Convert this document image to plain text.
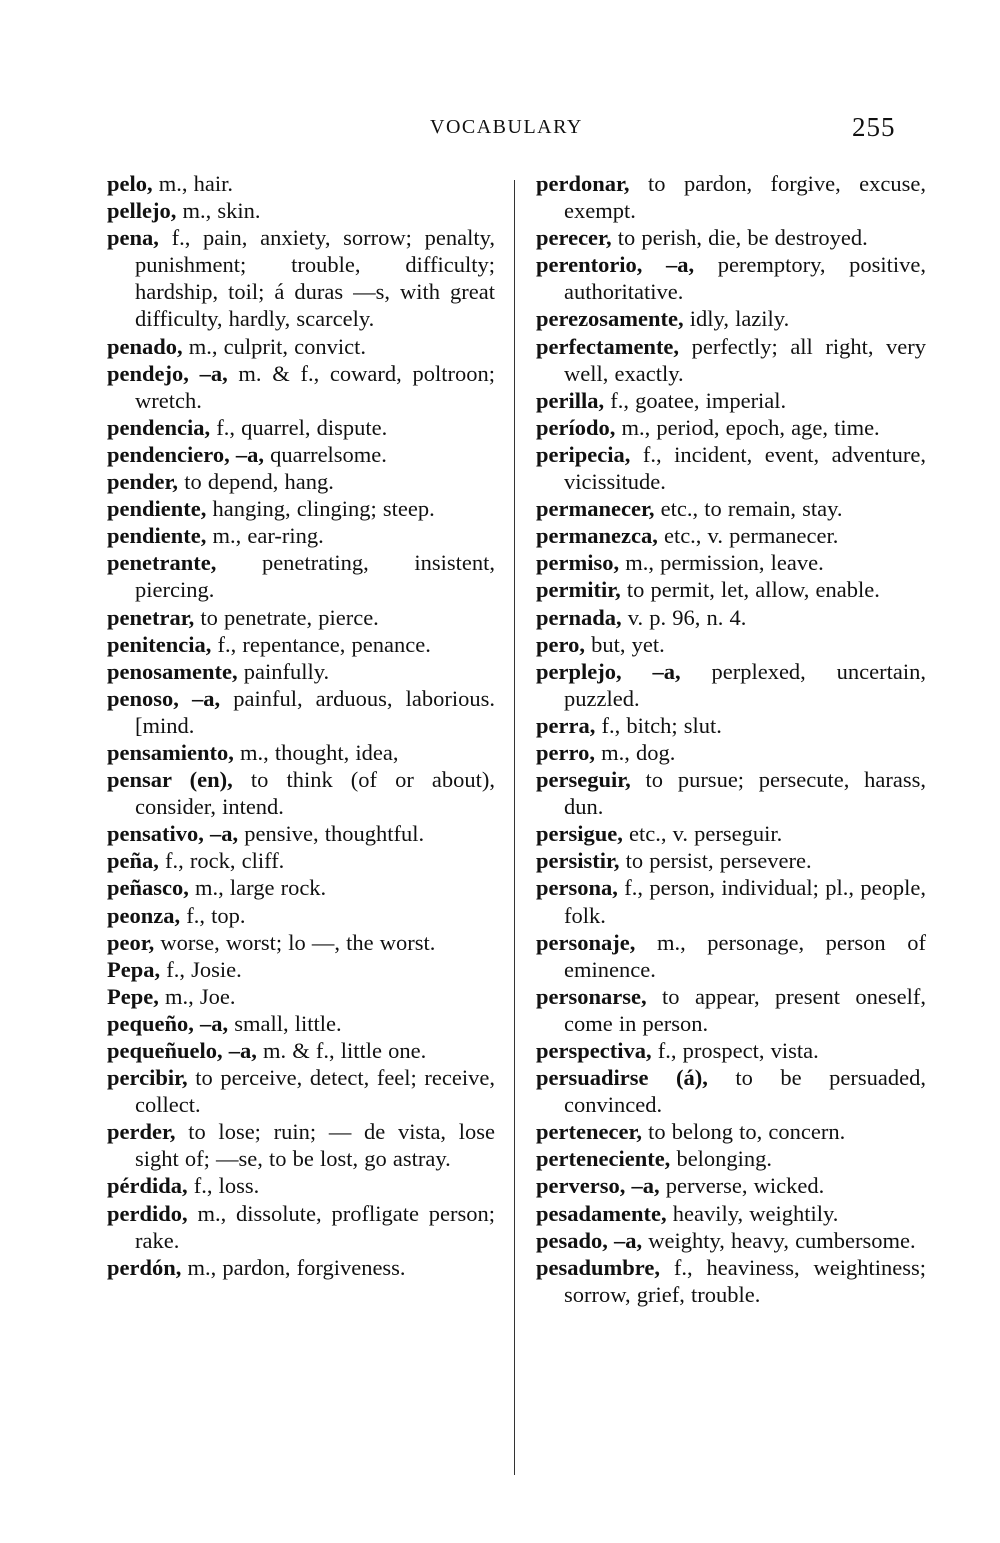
VOCABULARY	255
pelo, m., hair.
pellejo, m., skin.
pena, f., pain, anxiety, sorrow; penalty, punishment; trouble, difficulty; hardship, toil; á duras —s, with great difficulty, hardly, scarcely.
penado, m., culprit, convict.
pendejo, –a, m. & f., coward, poltroon; wretch.
pendencia, f., quarrel, dispute.
pendenciero, –a, quarrelsome.
pender, to depend, hang.
pendiente, hanging, clinging; steep.
pendiente, m., ear-ring.
penetrante, penetrating, insistent, piercing.
penetrar, to penetrate, pierce.
penitencia, f., repentance, penance.
penosamente, painfully.
penoso, –a, painful, arduous, laborious. [mind.
pensamiento, m., thought, idea,
pensar (en), to think (of or about), consider, intend.
pensativo, –a, pensive, thoughtful.
peña, f., rock, cliff.
peñasco, m., large rock.
peonza, f., top.
peor, worse, worst; lo —, the worst.
Pepa, f., Josie.
Pepe, m., Joe.
pequeño, –a, small, little.
pequeñuelo, –a, m. & f., little one.
percibir, to perceive, detect, feel; receive, collect.
perder, to lose; ruin; — de vista, lose sight of; —se, to be lost, go astray.
pérdida, f., loss.
perdido, m., dissolute, profligate person; rake.
perdón, m., pardon, forgiveness.
perdonar, to pardon, forgive, excuse, exempt.
perecer, to perish, die, be destroyed.
perentorio, –a, peremptory, positive, authoritative.
perezosamente, idly, lazily.
perfectamente, perfectly; all right, very well, exactly.
perilla, f., goatee, imperial.
período, m., period, epoch, age, time.
peripecia, f., incident, event, adventure, vicissitude.
permanecer, etc., to remain, stay.
permanezca, etc., v. permanecer.
permiso, m., permission, leave.
permitir, to permit, let, allow, enable.
pernada, v. p. 96, n. 4.
pero, but, yet.
perplejo, –a, perplexed, uncertain, puzzled.
perra, f., bitch; slut.
perro, m., dog.
perseguir, to pursue; persecute, harass, dun.
persigue, etc., v. perseguir.
persistir, to persist, persevere.
persona, f., person, individual; pl., people, folk.
personaje, m., personage, person of eminence.
personarse, to appear, present oneself, come in person.
perspectiva, f., prospect, vista.
persuadirse (á), to be persuaded, convinced.
pertenecer, to belong to, concern.
perteneciente, belonging.
perverso, –a, perverse, wicked.
pesadamente, heavily, weightily.
pesado, –a, weighty, heavy, cumbersome.
pesadumbre, f., heaviness, weightiness; sorrow, grief, trouble.
